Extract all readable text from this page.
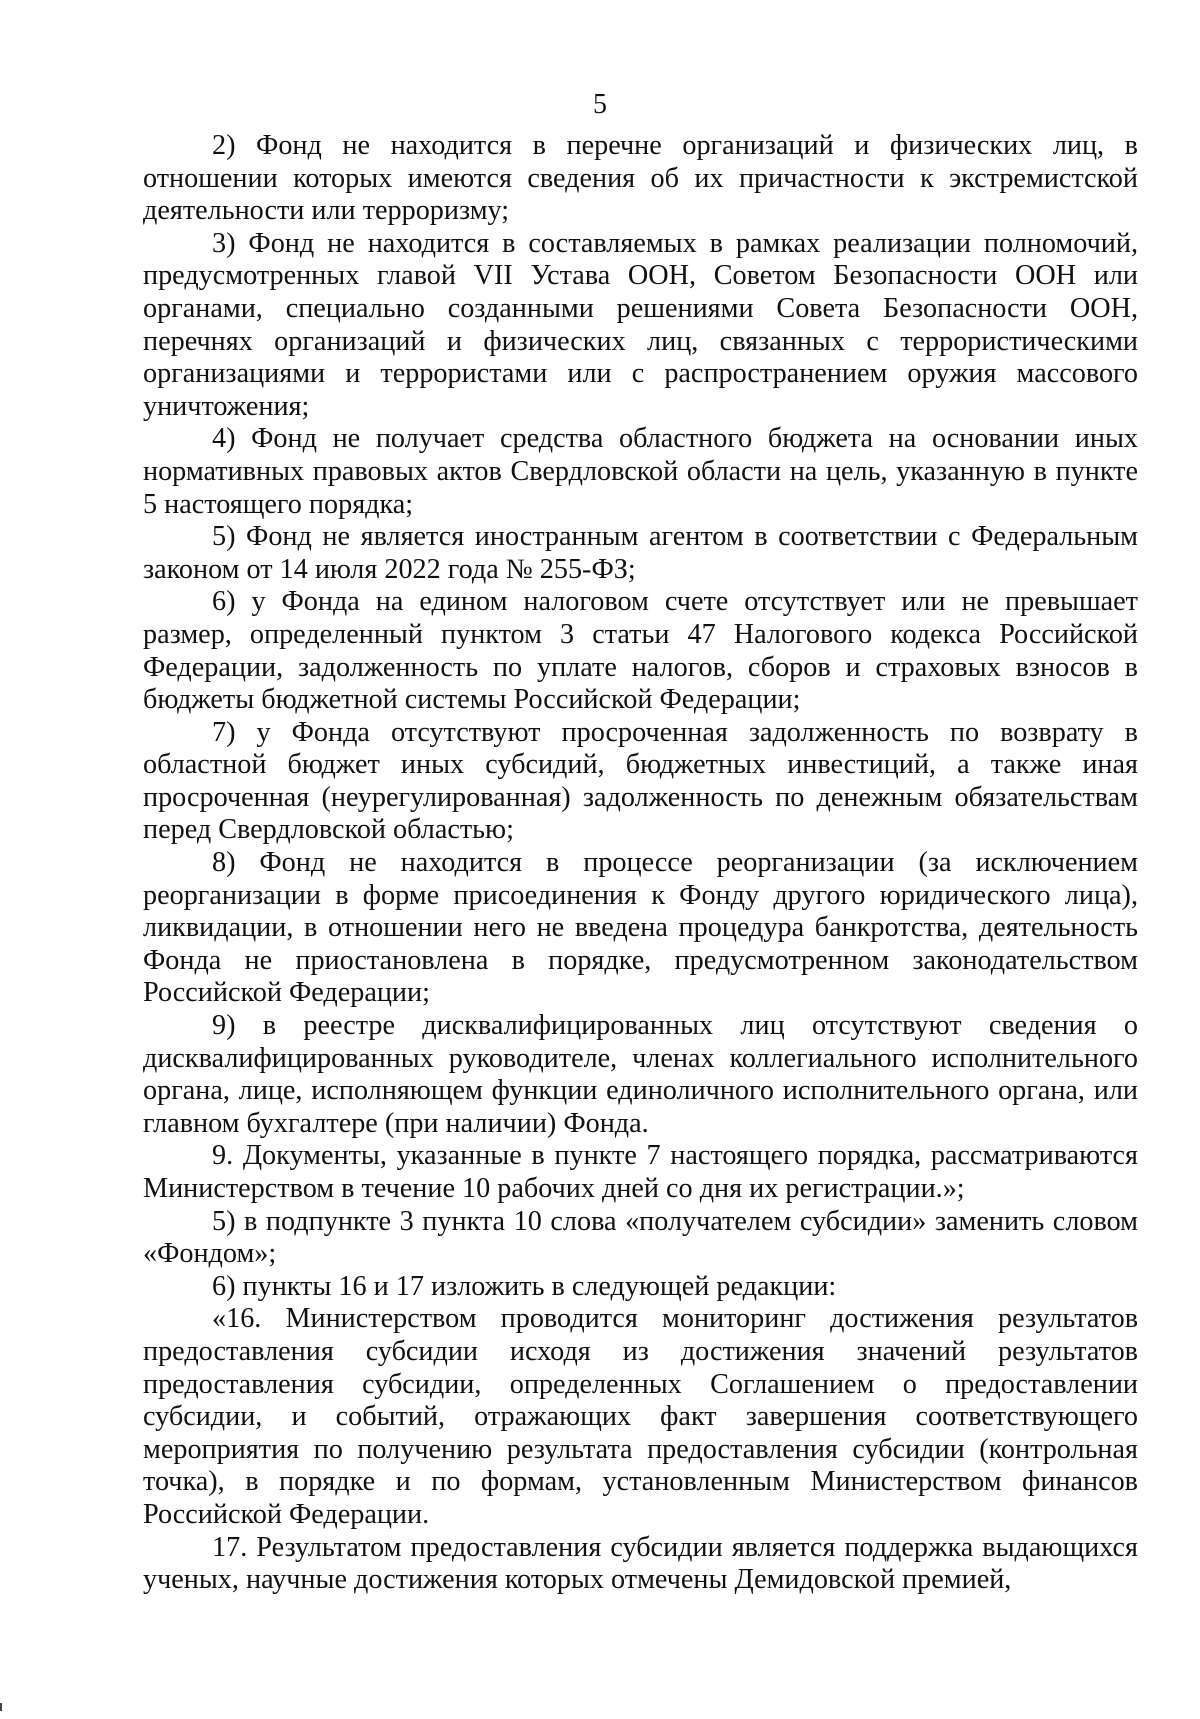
5

2) Фонд не находится в перечне организаций и физических лиц, в отношении которых имеются сведения об их причастности к экстремистской деятельности или терроризму;

3) Фонд не находится в составляемых в рамках реализации полномочий, предусмотренных главой VII Устава ООН, Советом Безопасности ООН или органами, специально созданными решениями Совета Безопасности ООН, перечнях организаций и физических лиц, связанных с террористическими организациями и террористами или с распространением оружия массового уничтожения;

4) Фонд не получает средства областного бюджета на основании иных нормативных правовых актов Свердловской области на цель, указанную в пункте 5 настоящего порядка;

5) Фонд не является иностранным агентом в соответствии с Федеральным законом от 14 июля 2022 года № 255-ФЗ;

6) у Фонда на едином налоговом счете отсутствует или не превышает размер, определенный пунктом 3 статьи 47 Налогового кодекса Российской Федерации, задолженность по уплате налогов, сборов и страховых взносов в бюджеты бюджетной системы Российской Федерации;

7) у Фонда отсутствуют просроченная задолженность по возврату в областной бюджет иных субсидий, бюджетных инвестиций, а также иная просроченная (неурегулированная) задолженность по денежным обязательствам перед Свердловской областью;

8) Фонд не находится в процессе реорганизации (за исключением реорганизации в форме присоединения к Фонду другого юридического лица), ликвидации, в отношении него не введена процедура банкротства, деятельность Фонда не приостановлена в порядке, предусмотренном законодательством Российской Федерации;

9) в реестре дисквалифицированных лиц отсутствуют сведения о дисквалифицированных руководителе, членах коллегиального исполнительного органа, лице, исполняющем функции единоличного исполнительного органа, или главном бухгалтере (при наличии) Фонда.

9. Документы, указанные в пункте 7 настоящего порядка, рассматриваются Министерством в течение 10 рабочих дней со дня их регистрации.»;

5) в подпункте 3 пункта 10 слова «получателем субсидии» заменить словом «Фондом»;

6) пункты 16 и 17 изложить в следующей редакции:

«16. Министерством проводится мониторинг достижения результатов предоставления субсидии исходя из достижения значений результатов предоставления субсидии, определенных Соглашением о предоставлении субсидии, и событий, отражающих факт завершения соответствующего мероприятия по получению результата предоставления субсидии (контрольная точка), в порядке и по формам, установленным Министерством финансов Российской Федерации.

17. Результатом предоставления субсидии является поддержка выдающихся ученых, научные достижения которых отмечены Демидовской премией,
